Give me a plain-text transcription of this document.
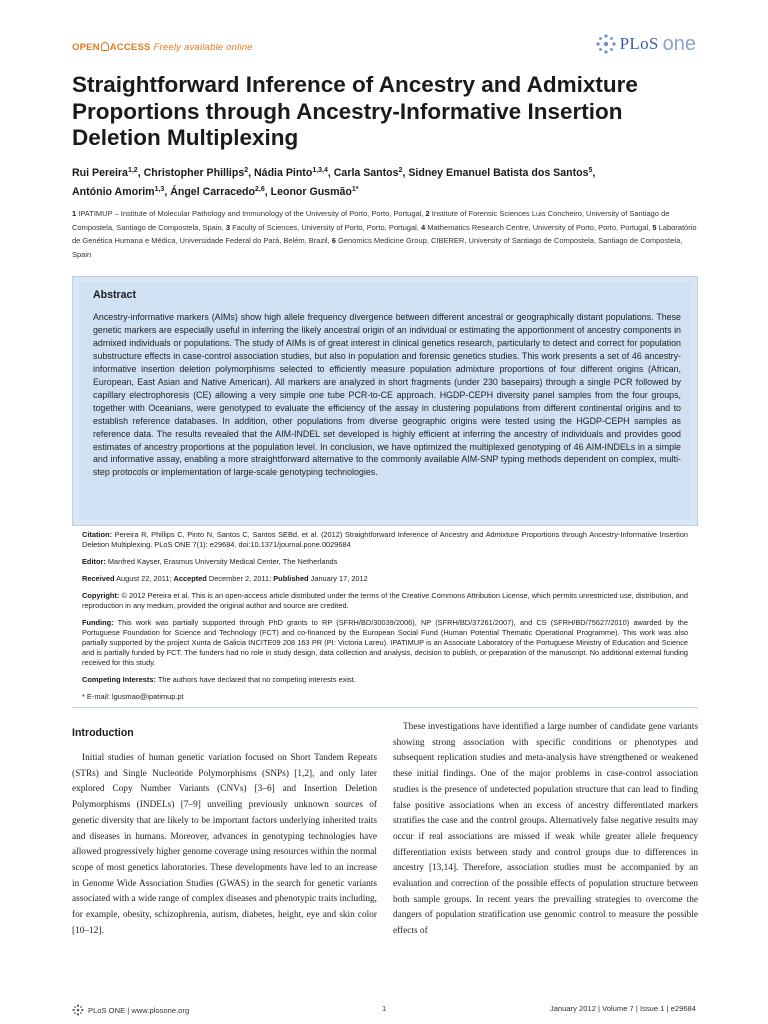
OPEN ACCESS Freely available online	PLoS one
Straightforward Inference of Ancestry and Admixture Proportions through Ancestry-Informative Insertion Deletion Multiplexing
Rui Pereira$^{1,2}$, Christopher Phillips$^2$, Nádia Pinto$^{1,3,4}$, Carla Santos$^2$, Sidney Emanuel Batista dos Santos$^5$,
António Amorim$^{1,3}$, Ángel Carracedo$^{2,6}$, Leonor Gusmão$^{1*}$
1 IPATIMUP – Institute of Molecular Pathology and Immunology of the University of Porto, Porto, Portugal, 2 Institute of Forensic Sciences Luis Concheiro, University of Santiago de Compostela, Santiago de Compostela, Spain, 3 Faculty of Sciences, University of Porto, Porto, Portugal, 4 Mathematics Research Centre, University of Porto, Porto, Portugal, 5 Laboratório de Genética Humana e Médica, Universidade Federal do Pará, Belém, Brazil, 6 Genomics Medicine Group, CIBERER, University of Santiago de Compostela, Santiago de Compostela, Spain
Abstract

Ancestry-informative markers (AIMs) show high allele frequency divergence between different ancestral or geographically distant populations. These genetic markers are especially useful in inferring the likely ancestral origin of an individual or estimating the apportionment of ancestry components in admixed individuals or populations. The study of AIMs is of great interest in clinical genetics research, particularly to detect and correct for population substructure effects in case-control association studies, but also in population and forensic genetics studies. This work presents a set of 46 ancestry-informative insertion deletion polymorphisms selected to efficiently measure population admixture proportions of four different origins (African, European, East Asian and Native American). All markers are analyzed in short fragments (under 230 basepairs) through a single PCR followed by capillary electrophoresis (CE) allowing a very simple one tube PCR-to-CE approach. HGDP-CEPH diversity panel samples from the four groups, together with Oceanians, were genotyped to evaluate the efficiency of the assay in clustering populations from different continental origins and to establish reference databases. In addition, other populations from diverse geographic origins were tested using the HGDP-CEPH samples as reference data. The results revealed that the AIM-INDEL set developed is highly efficient at inferring the ancestry of individuals and provides good estimates of ancestry proportions at the population level. In conclusion, we have optimized the multiplexed genotyping of 46 AIM-INDELs in a simple and informative assay, enabling a more straightforward alternative to the commonly available AIM-SNP typing methods dependent on complex, multi-step protocols or implementation of large-scale genotyping technologies.

Citation: Pereira R, Phillips C, Pinto N, Santos C, Santos SEBd, et al. (2012) Straightforward Inference of Ancestry and Admixture Proportions through Ancestry-Informative Insertion Deletion Multiplexing. PLoS ONE 7(1): e29684. doi:10.1371/journal.pone.0029684

Editor: Manfred Kayser, Erasmus University Medical Center, The Netherlands

Received August 22, 2011; Accepted December 2, 2011; Published January 17, 2012

Copyright: © 2012 Pereira et al. This is an open-access article distributed under the terms of the Creative Commons Attribution License, which permits unrestricted use, distribution, and reproduction in any medium, provided the original author and source are credited.

Funding: This work was partially supported through PhD grants to RP (SFRH/BD/30039/2006), NP (SFRH/BD/37261/2007), and CS (SFRH/BD/75627/2010) awarded by the Portuguese Foundation for Science and Technology (FCT) and co-financed by the European Social Fund (Human Potential Thematic Operational Programme). This work was also partially supported by the project Xunta de Galicia INCITE09 208 163 PR (PI: Victoria Lareu). IPATIMUP is an Associate Laboratory of the Portuguese Ministry of Education and Science and is partially funded by FCT. The funders had no role in study design, data collection and analysis, decision to publish, or preparation of the manuscript. No additional external funding received for this study.

Competing Interests: The authors have declared that no competing interests exist.

* E-mail: lgusmao@ipatimup.pt

Introduction

Initial studies of human genetic variation focused on Short Tandem Repeats (STRs) and Single Nucleotide Polymorphisms (SNPs) [1,2], and only later explored Copy Number Variants (CNVs) [3–6] and Insertion Deletion Polymorphisms (INDELs) [7–9] unveiling previously unknown sources of genetic diversity that are likely to be important factors underlying inherited traits and diseases in humans. Moreover, advances in genotyping technologies have allowed progressively higher genome coverage using resources within the normal scope of most genetics laboratories. These developments have led to an increase in Genome Wide Association Studies (GWAS) in the search for genetic variants associated with a wide range of complex diseases and phenotypic traits including, for example, obesity, schizophrenia, autism, diabetes, height, eye and skin color [10–12].

These investigations have identified a large number of candidate gene variants showing strong association with specific conditions or phenotypes and subsequent replication studies and meta-analysis have strengthened or weakened these initial findings. One of the major problems in case-control association studies is the presence of undetected population structure that can lead to finding false positive associations when an excess of ancestry differentiated markers stratifies the case and the control groups. Alternatively false negative results may occur if real associations are missed if weak while greater allele frequency differentiation exists between study and control groups due to differences in ancestry [13,14]. Therefore, association studies must be accompanied by an evaluation and correction of the possible effects of population structure between both sample groups. In recent years the prevailing strategies to overcome the dangers of population stratification use genomic control to measure the possible effects of

PLoS ONE | www.plosone.org	1	January 2012 | Volume 7 | Issue 1 | e29684
